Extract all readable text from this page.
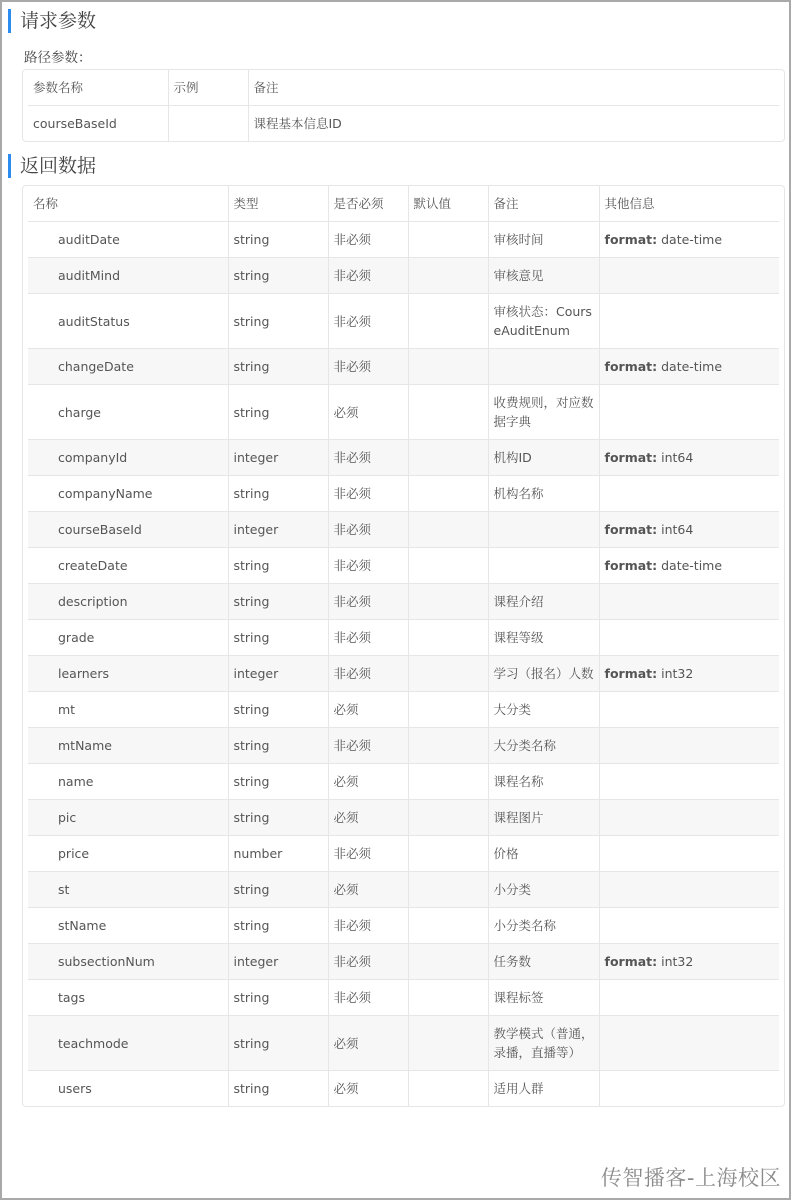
请求参数
路径参数：
参数名称	示例	备注
courseBaseId		课程基本信息ID
返回数据
名称	类型	是否必须	默认值	备注	其他信息
auditDate	string	非必须		审核时间	format: date-time
auditMind	string	非必须		审核意见	
auditStatus	string	非必须		审核状态：CourseAuditEnum	
changeDate	string	非必须			format: date-time
charge	string	必须		收费规则，对应数据字典	
companyId	integer	非必须		机构ID	format: int64
companyName	string	非必须		机构名称	
courseBaseId	integer	非必须			format: int64
createDate	string	非必须			format: date-time
description	string	非必须		课程介绍	
grade	string	非必须		课程等级	
learners	integer	非必须		学习（报名）人数	format: int32
mt	string	必须		大分类	
mtName	string	非必须		大分类名称	
name	string	必须		课程名称	
pic	string	必须		课程图片	
price	number	非必须		价格	
st	string	必须		小分类	
stName	string	非必须		小分类名称	
subsectionNum	integer	非必须		任务数	format: int32
tags	string	非必须		课程标签	
teachmode	string	必须		教学模式（普通，录播，直播等）	
users	string	必须		适用人群	
传智播客-上海校区
